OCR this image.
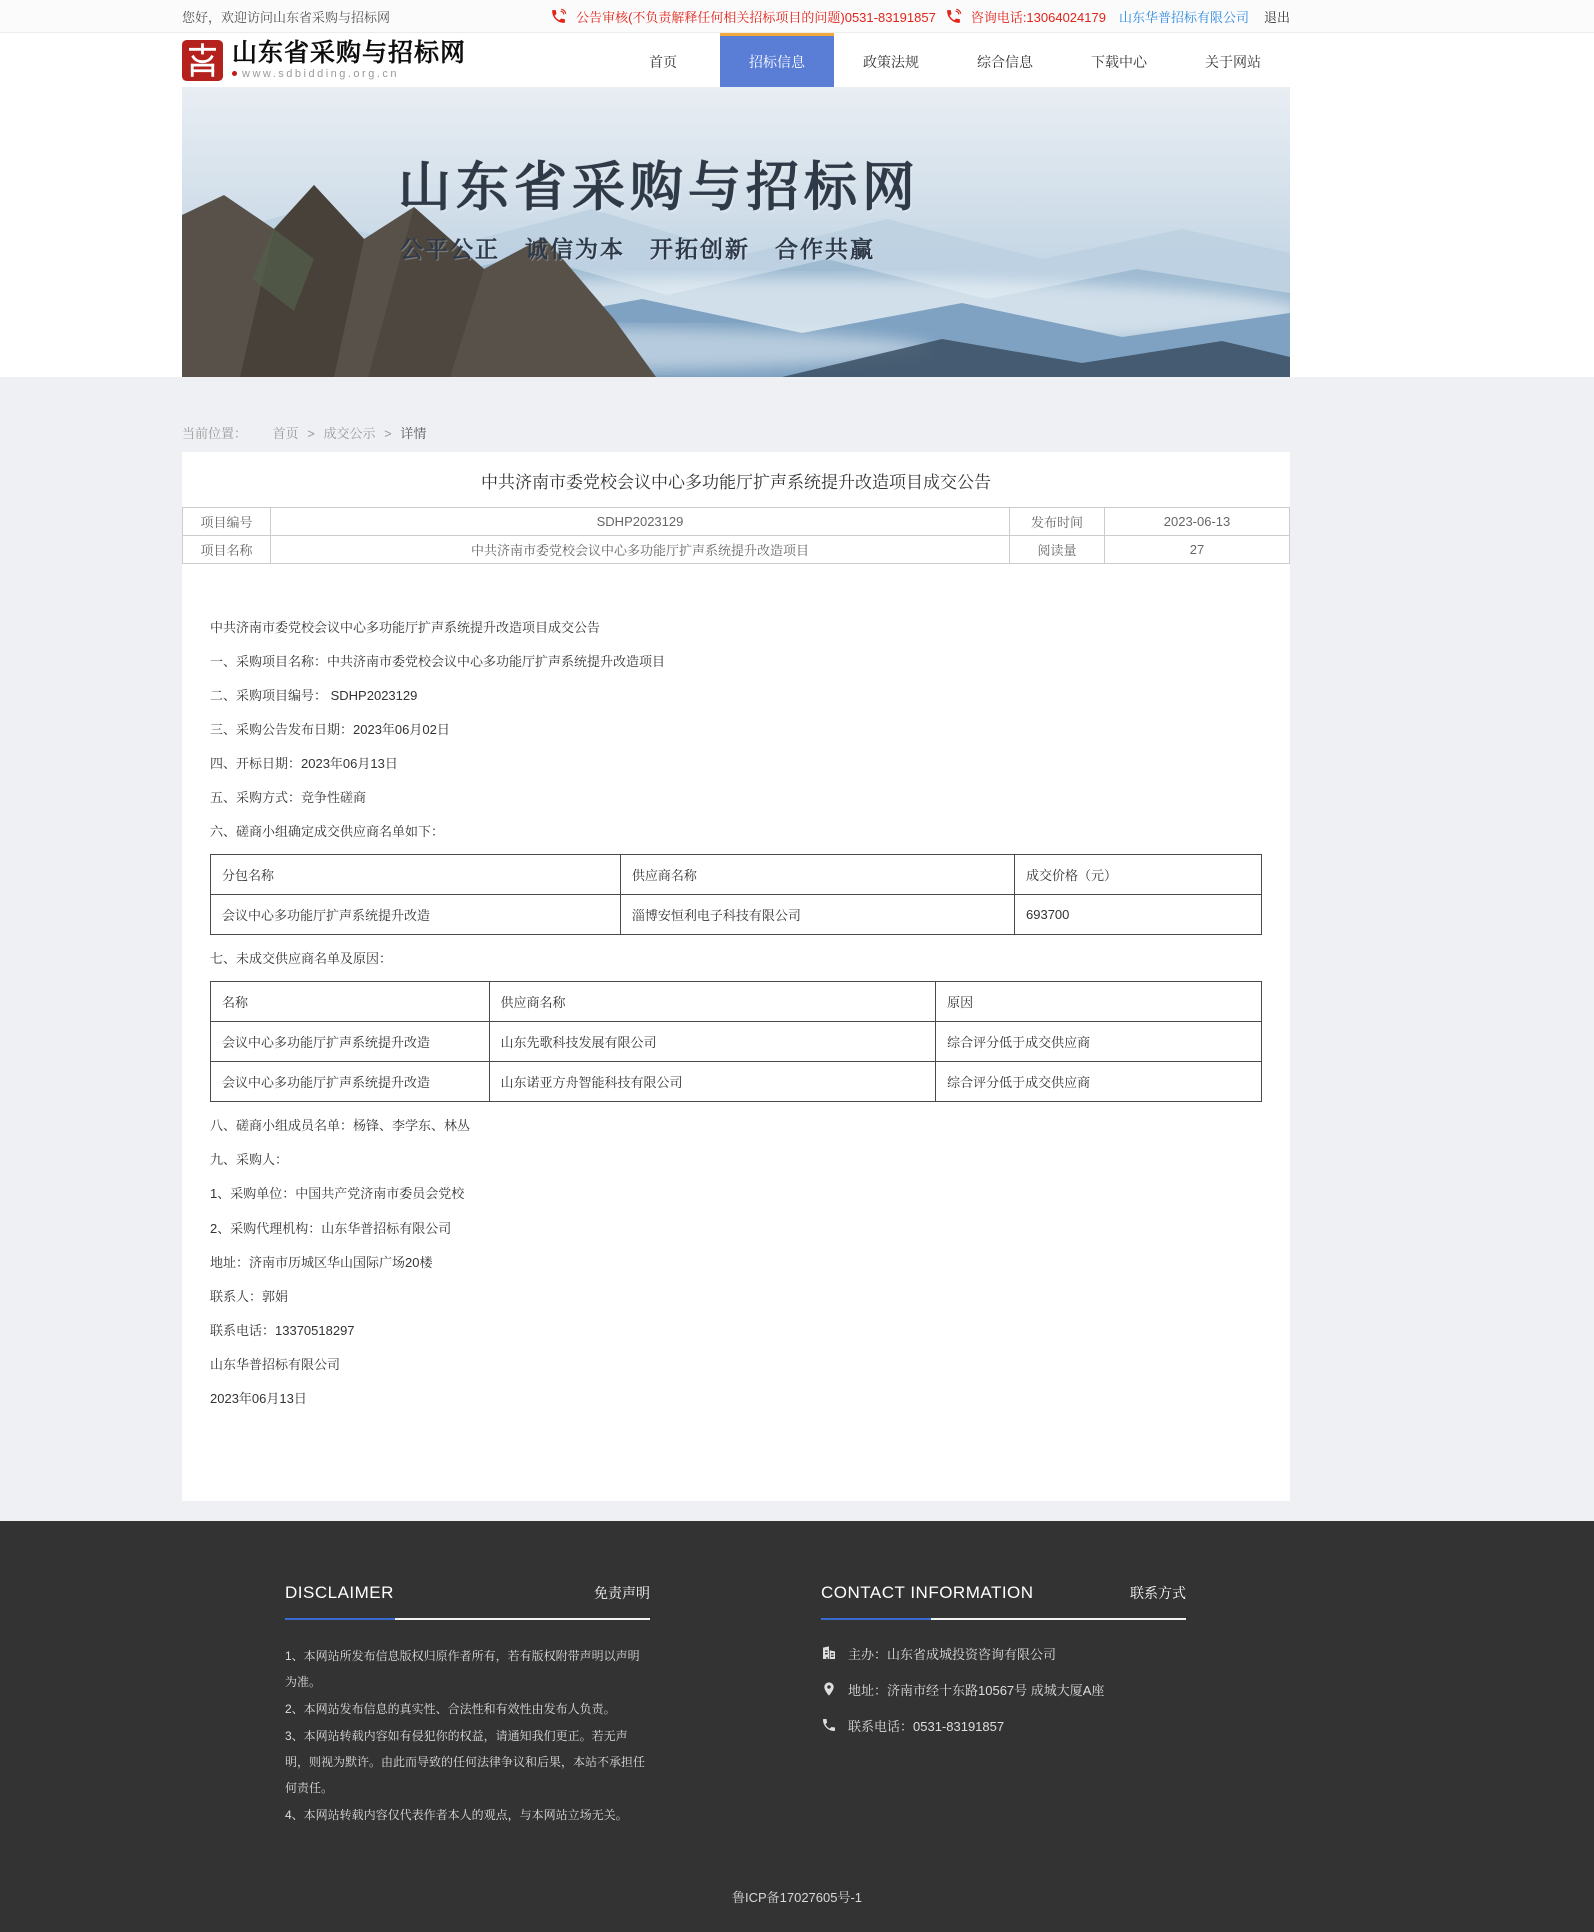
您好，欢迎访问山东省采购与招标网	公告审核(不负责解释任何相关招标项目的问题)0531-83191857	咨询电话:13064024179 山东华普招标有限公司 退出
山东省采购与招标网
www.sdbidding.org.cn
首页	招标信息	政策法规	综合信息	下载中心	关于网站
山东省采购与招标网
公平公正　诚信为本　开拓创新　合作共赢
当前位置： 首页 > 成交公示 > 详情
中共济南市委党校会议中心多功能厅扩声系统提升改造项目成交公告
项目编号	SDHP2023129	发布时间	2023-06-13
项目名称	中共济南市委党校会议中心多功能厅扩声系统提升改造项目	阅读量	27

中共济南市委党校会议中心多功能厅扩声系统提升改造项目成交公告

一、采购项目名称：中共济南市委党校会议中心多功能厅扩声系统提升改造项目

二、采购项目编号： SDHP2023129

三、采购公告发布日期：2023年06月02日

四、开标日期：2023年06月13日

五、采购方式：竞争性磋商

六、磋商小组确定成交供应商名单如下：

分包名称	供应商名称	成交价格（元）
会议中心多功能厅扩声系统提升改造	淄博安恒利电子科技有限公司	693700

七、未成交供应商名单及原因：

名称	供应商名称	原因
会议中心多功能厅扩声系统提升改造	山东先歌科技发展有限公司	综合评分低于成交供应商
会议中心多功能厅扩声系统提升改造	山东诺亚方舟智能科技有限公司	综合评分低于成交供应商

八、磋商小组成员名单：杨锋、李学东、林丛

九、采购人：

1、采购单位：中国共产党济南市委员会党校

2、采购代理机构：山东华普招标有限公司

地址：济南市历城区华山国际广场20楼

联系人：郭娟

联系电话：13370518297

山东华普招标有限公司

2023年06月13日

DISCLAIMER	免责声明
1、本网站所发布信息版权归原作者所有，若有版权附带声明以声明为准。
2、本网站发布信息的真实性、合法性和有效性由发布人负责。
3、本网站转载内容如有侵犯你的权益，请通知我们更正。若无声明，则视为默许。由此而导致的任何法律争议和后果，本站不承担任何责任。
4、本网站转载内容仅代表作者本人的观点，与本网站立场无关。
CONTACT INFORMATION	联系方式
主办：山东省成城投资咨询有限公司
地址：济南市经十东路10567号 成城大厦A座
联系电话：0531-83191857
鲁ICP备17027605号-1
